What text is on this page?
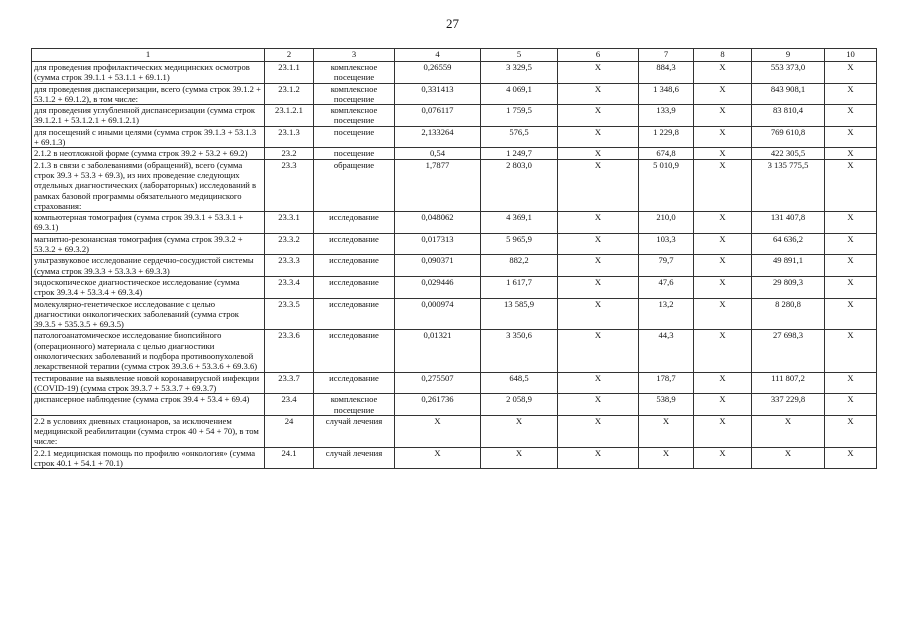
27
1	2	3	4	5	6	7	8	9	10
для проведения профилактических медицинских осмотров (сумма строк 39.1.1 + 53.1.1 + 69.1.1)	23.1.1	комплексное посещение	0,26559	3 329,5	Х	884,3	Х	553 373,0	Х
для проведения диспансеризации, всего (сумма строк 39.1.2 + 53.1.2 + 69.1.2), в том числе:	23.1.2	комплексное посещение	0,331413	4 069,1	Х	1 348,6	Х	843 908,1	Х
для проведения углубленной диспансеризации (сумма строк 39.1.2.1 + 53.1.2.1 + 69.1.2.1)	23.1.2.1	комплексное посещение	0,076117	1 759,5	Х	133,9	Х	83 810,4	Х
для посещений с иными целями (сумма строк 39.1.3 + 53.1.3 + 69.1.3)	23.1.3	посещение	2,133264	576,5	Х	1 229,8	Х	769 610,8	Х
2.1.2 в неотложной форме (сумма строк 39.2 + 53.2 + 69.2)	23.2	посещение	0,54	1 249,7	Х	674,8	Х	422 305,5	Х
2.1.3 в связи с заболеваниями (обращений), всего (сумма строк 39.3 + 53.3 + 69.3), из них проведение следующих отдельных диагностических (лабораторных) исследований в рамках базовой программы обязательного медицинского страхования:	23.3	обращение	1,7877	2 803,0	Х	5 010,9	Х	3 135 775,5	Х
компьютерная томография (сумма строк 39.3.1 + 53.3.1 + 69.3.1)	23.3.1	исследование	0,048062	4 369,1	Х	210,0	Х	131 407,8	Х
магнитно-резонансная томография (сумма строк 39.3.2 + 53.3.2 + 69.3.2)	23.3.2	исследование	0,017313	5 965,9	Х	103,3	Х	64 636,2	Х
ультразвуковое исследование сердечно-сосудистой системы (сумма строк 39.3.3 + 53.3.3 + 69.3.3)	23.3.3	исследование	0,090371	882,2	Х	79,7	Х	49 891,1	Х
эндоскопическое диагностическое исследование (сумма строк 39.3.4 + 53.3.4 + 69.3.4)	23.3.4	исследование	0,029446	1 617,7	Х	47,6	Х	29 809,3	Х
молекулярно-генетическое исследование с целью диагностики онкологических заболеваний (сумма строк 39.3.5 + 535.3.5 + 69.3.5)	23.3.5	исследование	0,000974	13 585,9	Х	13,2	Х	8 280,8	Х
патологоанатомическое исследование биопсийного (операционного) материала с целью диагностики онкологических заболеваний и подбора противоопухолевой лекарственной терапии (сумма строк 39.3.6 + 53.3.6 + 69.3.6)	23.3.6	исследование	0,01321	3 350,6	Х	44,3	Х	27 698,3	Х
тестирование на выявление новой коронавирусной инфекции (COVID-19) (сумма строк 39.3.7 + 53.3.7 + 69.3.7)	23.3.7	исследование	0,275507	648,5	Х	178,7	Х	111 807,2	Х
диспансерное наблюдение (сумма строк 39.4 + 53.4 + 69.4)	23.4	комплексное посещение	0,261736	2 058,9	Х	538,9	Х	337 229,8	Х
2.2 в условиях дневных стационаров, за исключением медицинской реабилитации (сумма строк 40 + 54 + 70), в том числе:	24	случай лечения	Х	Х	Х	Х	Х	Х	Х
2.2.1 медицинская помощь по профилю «онкология» (сумма строк 40.1 + 54.1 + 70.1)	24.1	случай лечения	Х	Х	Х	Х	Х	Х	Х
